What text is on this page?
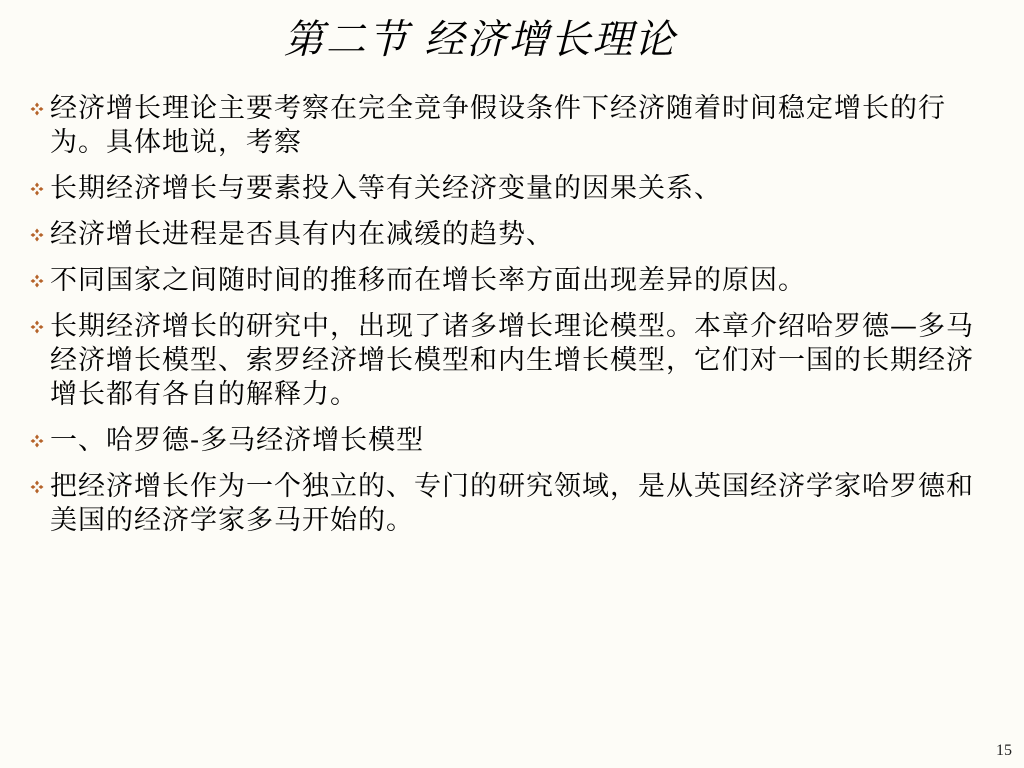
第二节 经济增长理论
经济增长理论主要考察在完全竞争假设条件下经济随着时间稳定增长的行为。具体地说，考察
长期经济增长与要素投入等有关经济变量的因果关系、
经济增长进程是否具有内在减缓的趋势、
不同国家之间随时间的推移而在增长率方面出现差异的原因。
长期经济增长的研究中，出现了诸多增长理论模型。本章介绍哈罗德—多马经济增长模型、索罗经济增长模型和内生增长模型，它们对一国的长期经济增长都有各自的解释力。
一、哈罗德-多马经济增长模型
把经济增长作为一个独立的、专门的研究领域，是从英国经济学家哈罗德和美国的经济学家多马开始的。
15
